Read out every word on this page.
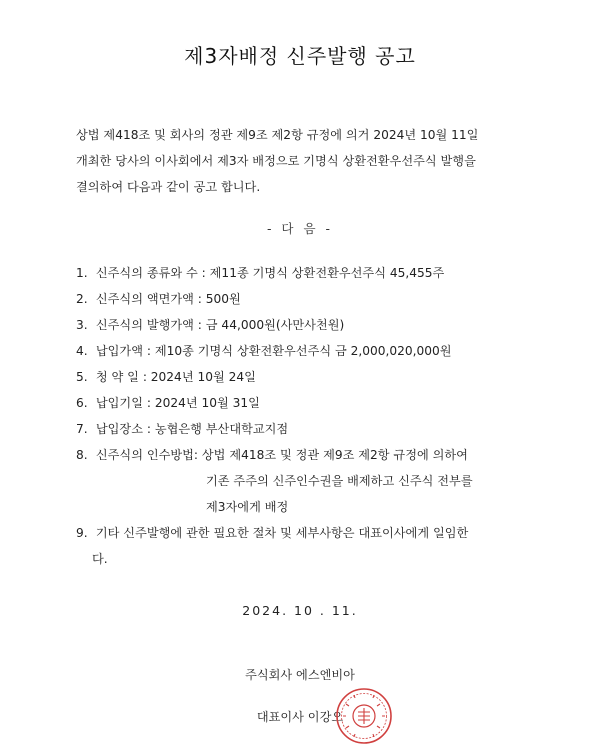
제3자배정 신주발행 공고
상법 제418조 및 회사의 정관 제9조 제2항 규정에 의거 2024년 10월 11일
개최한 당사의 이사회에서 제3자 배정으로 기명식 상환전환우선주식 발행을
결의하여 다음과 같이 공고 합니다.
- 다 음 -
1. 신주식의 종류와 수 : 제11종 기명식 상환전환우선주식 45,455주
2. 신주식의 액면가액 : 500원
3. 신주식의 발행가액 : 금 44,000원(사만사천원)
4. 납입가액 : 제10종 기명식 상환전환우선주식 금 2,000,020,000원
5. 청 약 일 : 2024년 10월 24일
6. 납입기일 : 2024년 10월 31일
7. 납입장소 : 농협은행 부산대학교지점
8. 신주식의 인수방법: 상법 제418조 및 정관 제9조 제2항 규정에 의하여
기존 주주의 신주인수권을 배제하고 신주식 전부를
제3자에게 배정
9. 기타 신주발행에 관한 필요한 절차 및 세부사항은 대표이사에게 일임한
다.
2024. 10 . 11.
주식회사 에스엔비아
대표이사 이강오
